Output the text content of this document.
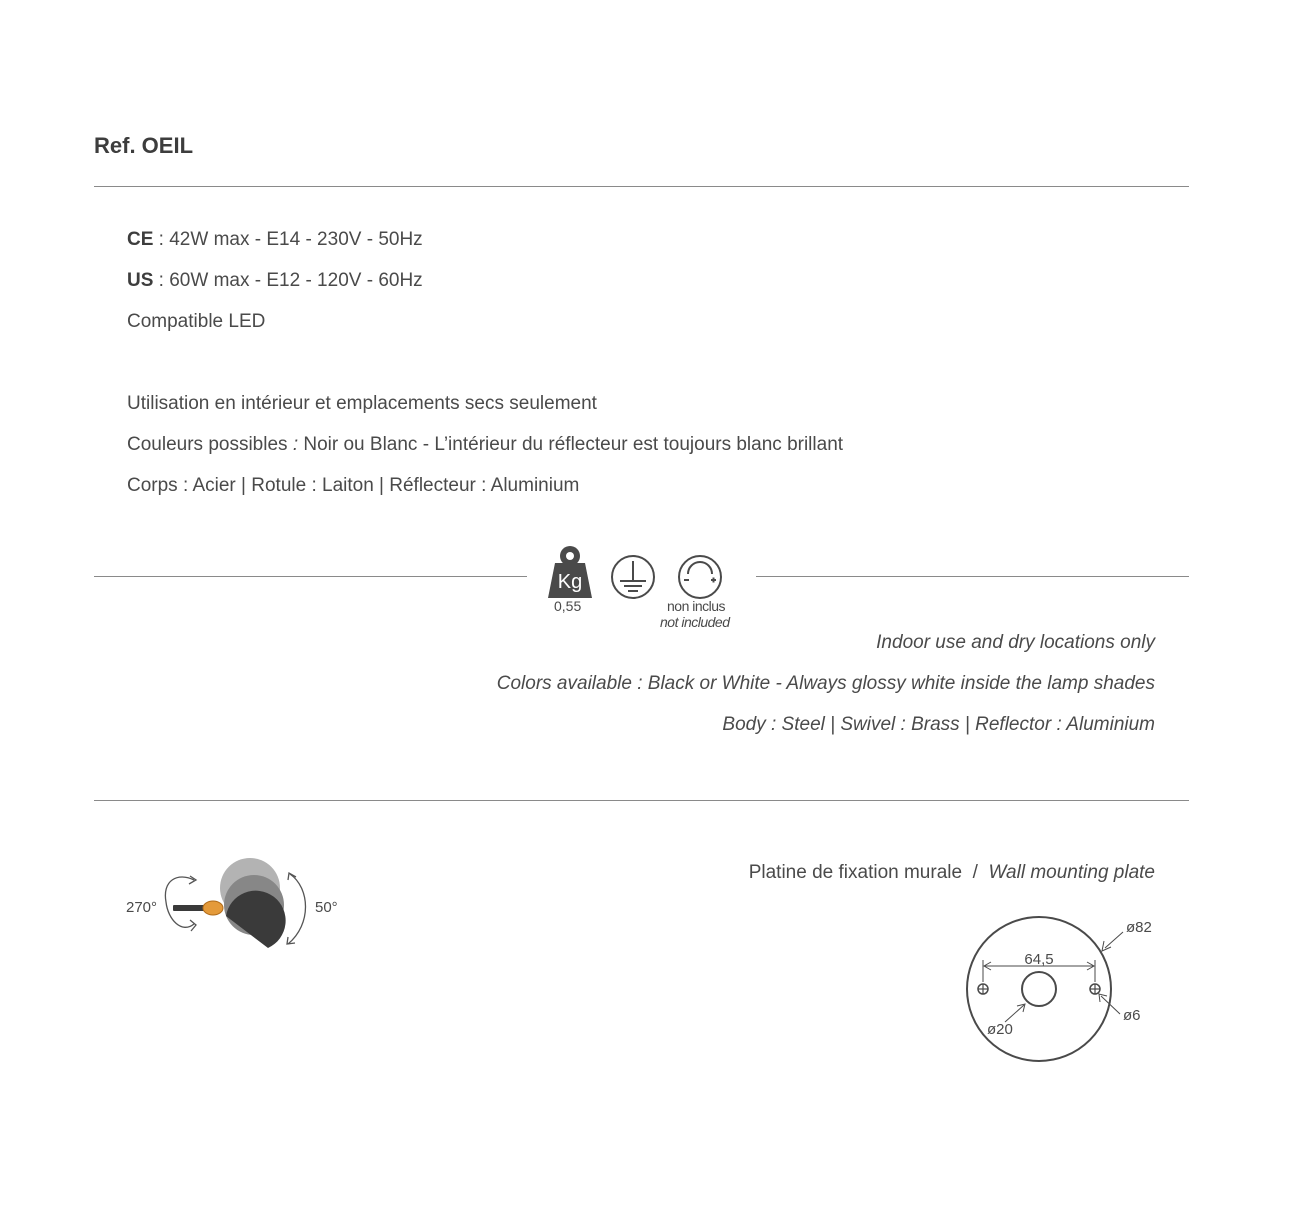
Ref. OEIL
CE : 42W max - E14 - 230V - 50Hz
US : 60W max - E12 - 120V - 60Hz
Compatible LED
Utilisation en intérieur et emplacements secs seulement
Couleurs possibles : Noir ou Blanc - L’intérieur du réflecteur est toujours blanc brillant
Corps : Acier | Rotule : Laiton | Réflecteur : Aluminium
Kg
0,55	non inclus
not included
Indoor use and dry locations only
Colors available : Black or White - Always glossy white inside the lamp shades
Body : Steel | Swivel : Brass | Reflector : Aluminium
270°	50°
Platine de fixation murale / Wall mounting plate
64,5
ø82
ø6
ø20
